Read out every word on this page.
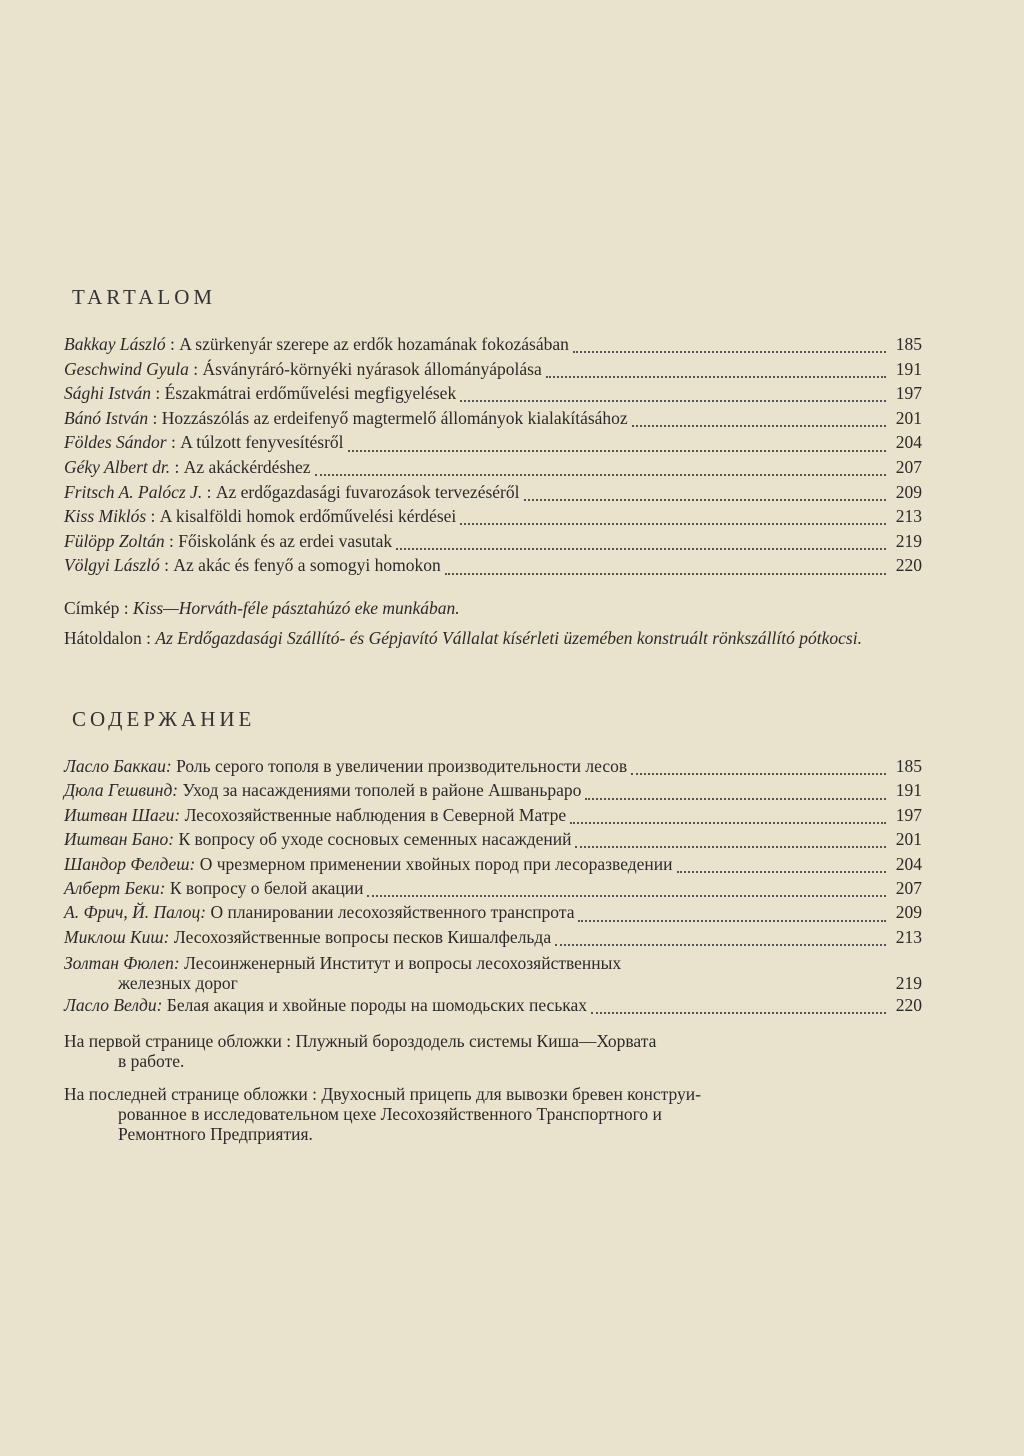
TARTALOM
Bakkay László : A szürkenyár szerepe az erdők hozamának fokozásában	185
Geschwind Gyula : Ásványráró-környéki nyárasok állományápolása	191
Sághi István : Északmátrai erdőművelési megfigyelések	197
Bánó István : Hozzászólás az erdeifenyő magtermelő állományok kialakításához	201
Földes Sándor : A túlzott fenyvesítésről	204
Géky Albert dr. : Az akáckérdéshez	207
Fritsch A. Palócz J. : Az erdőgazdasági fuvarozások tervezéséről	209
Kiss Miklós : A kisalföldi homok erdőművelési kérdései	213
Fülöpp Zoltán : Főiskolánk és az erdei vasutak	219
Völgyi László : Az akác és fenyő a somogyi homokon	220
Címkép : Kiss—Horváth-féle pásztahúzó eke munkában.
Hátoldalon : Az Erdőgazdasági Szállító- és Gépjavító Vállalat kísérleti üzemében konstruált rönkszállító pótkocsi.
СОДЕРЖАНИЕ
Ласло Баккаи:
Роль серого тополя в увеличении производительности лесов	185
Дюла Гешвинд:
Уход за насаждениями тополей в районе Ашваньраро	191
Иштван Шаги:
Лесохозяйственные наблюдения в Северной Матре	197
Иштван Бано:
К вопросу об уходе сосновых семенных насаждений	201
Шандор Фелдеш:
О чрезмерном применении хвойных пород при лесоразведении	204
Алберт Беки:
К вопросу о белой акации	207
А. Фрич, Й. Палоц:
О планировании лесохозяйственного транспрота	209
Миклош Киш:
Лесохозяйственные вопросы песков Кишалфельда	213
Золтан Фюлеп: Лесоинженерный Институт и вопросы лесохозяйственных
железных дорог	219
Ласло Велди:
Белая акация и хвойные породы на шомодьских песьках	220
На первой странице обложки : Плужный бороздодель системы Киша—Хорвата
в работе.
На последней странице обложки : Двухосный прицепь для вывозки бревен конструи-
рованное в исследовательном цехе Лесохозяйственного Транспортного и
Ремонтного Предприятия.
